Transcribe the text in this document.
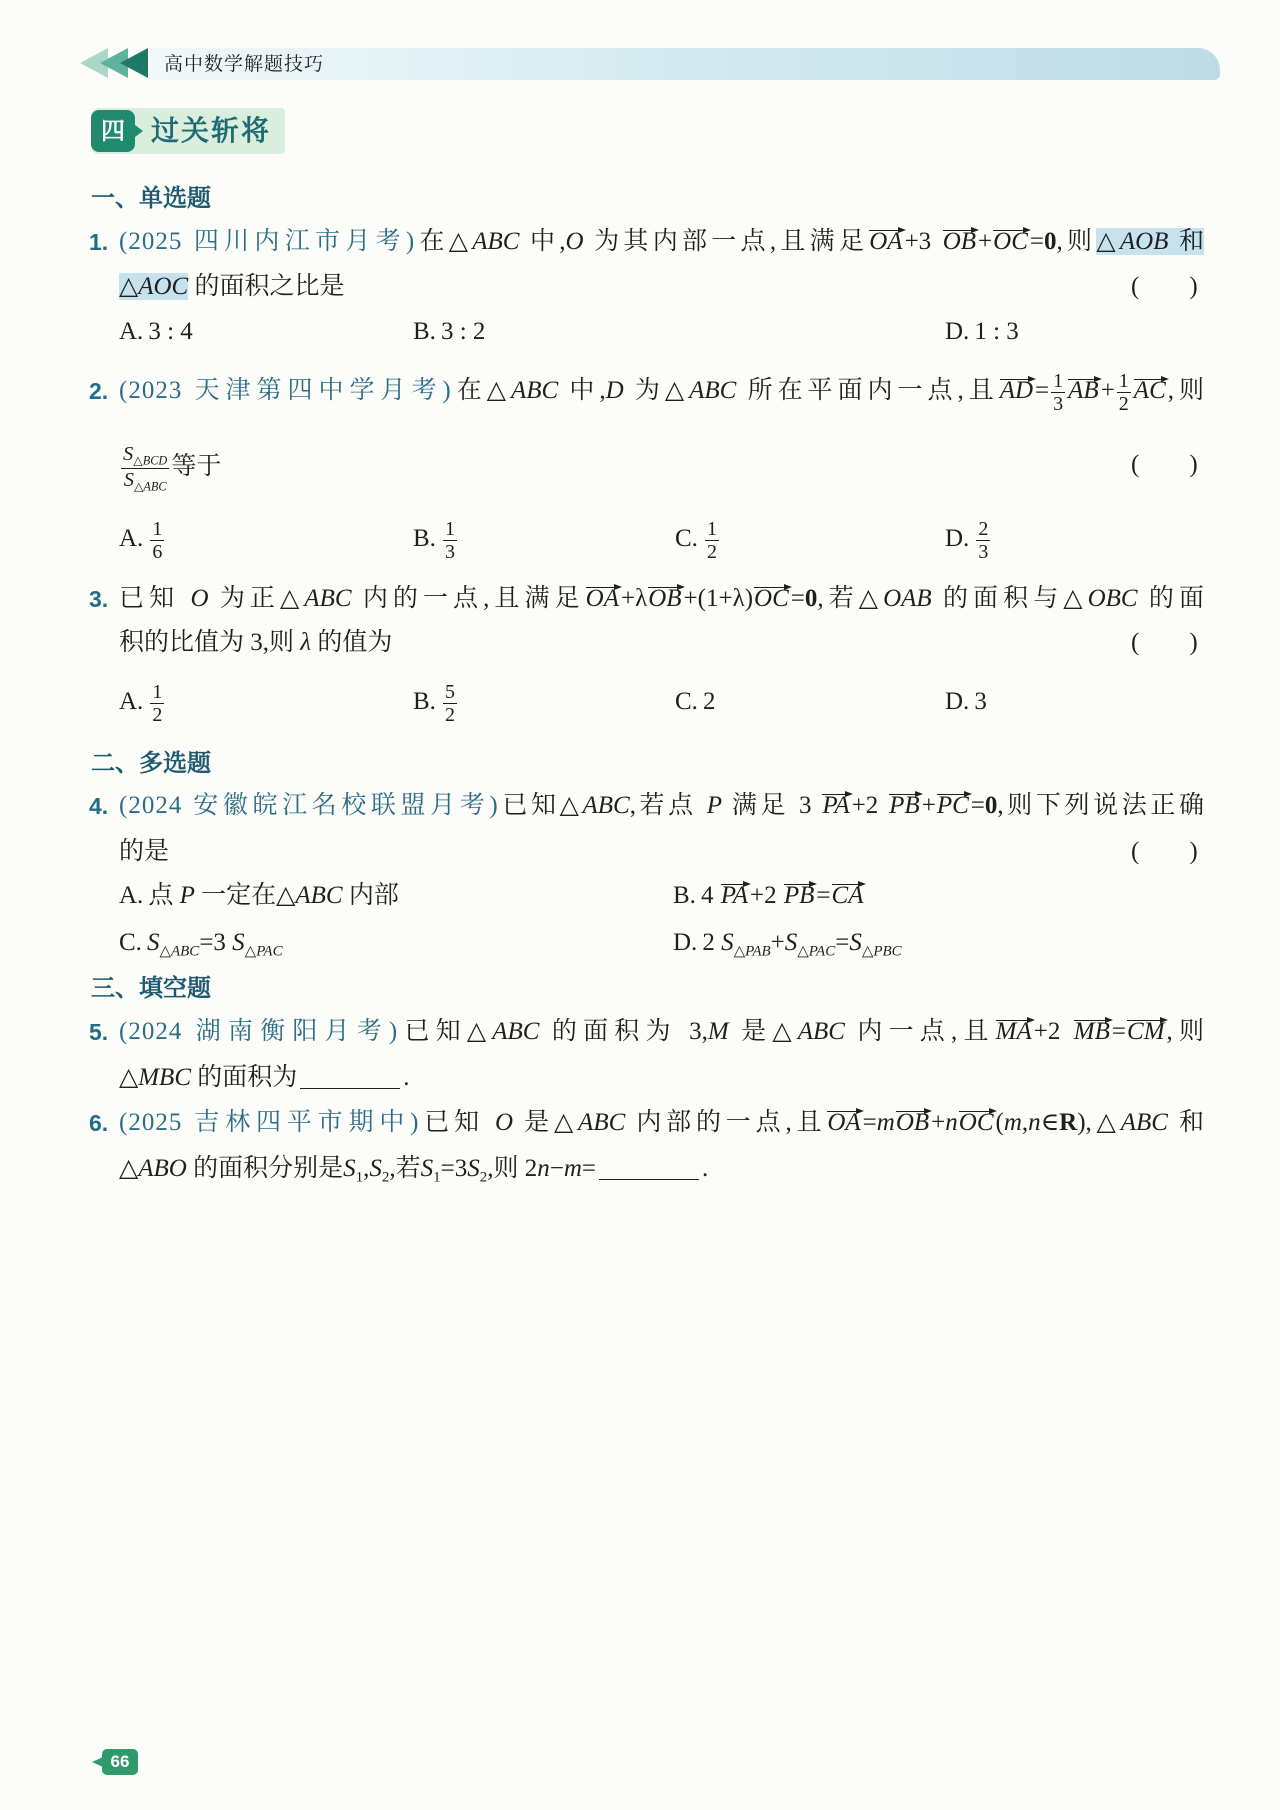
高中数学解题技巧
四 过关斩将
一、单选题
二、多选题
三、填空题
66
1. (2025 四川内江市月考)在△ABC 中,O 为其内部一点,且满足OA+3 OB+OC=0,则△AOB 和
△AOC 的面积之比是	(        )
A. 3 : 4	B. 3 : 2	D. 1 : 3
2. (2023 天津第四中学月考)在△ABC 中,D 为△ABC 所在平面内一点,且$AD= \frac{1}{3} AB+ \frac{1}{2}$ AC,则
$\frac{S_{\triangle BCD}}{S_{\triangle ABC}}$ 等于	(        )
A. $\frac{1}{6}$	B. $\frac{1}{3}$	C. $\frac{1}{2}$	D. $\frac{2}{3}$
3. 已知 O 为正△ABC 内的一点,且满足OA+λOB+(1+λ)OC=0,若△OAB 的面积与△OBC 的面
积的比值为 3,则 λ 的值为	(        )
A. $\frac{1}{2}$	B. $\frac{5}{2}$	C. 2	D. 3
4. (2024 安徽皖江名校联盟月考)已知△ABC,若点 P 满足 3 PA+2 PB+PC=0,则下列说法正确
的是	(        )
A. 点 P 一定在△ABC 内部	B. 4 PA+2 PB=CA
C. $S_{\triangle ABC}=3$ $S_{\triangle PAC}$	D. 2 $S_{\triangle PAB}+S_{\triangle PAC}=S_{\triangle PBC}$
5. (2024 湖南衡阳月考)已知△ABC 的面积为 3,M 是△ABC 内一点,且MA+2 MB=CM,则
△MBC 的面积为	.
6. (2025 吉林四平市期中)已知 O 是△ABC 内部的一点,且OA=mOB+nOC(m,n∈R),△ABC 和
△ABO 的面积分别是$S_1,S_2$,若$S_1=3S_2$,则 2n−m=	.
